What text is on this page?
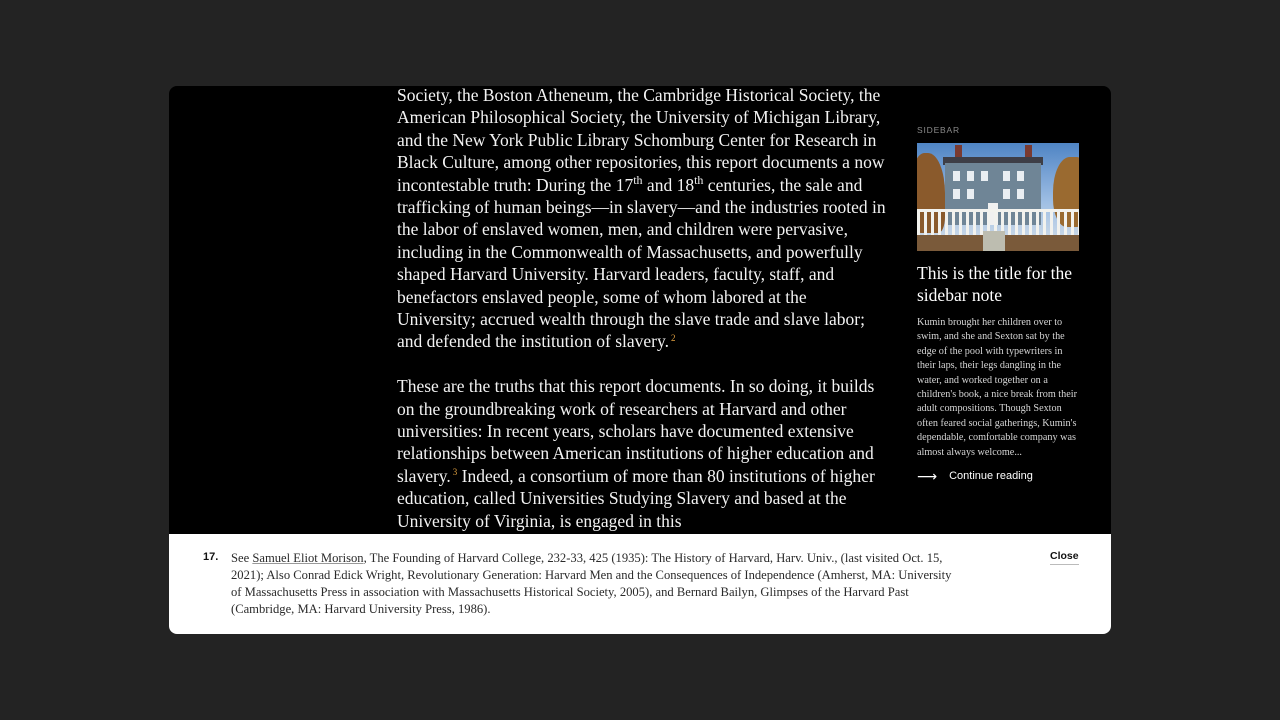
Society, the Boston Atheneum, the Cambridge Historical Society, the American Philosophical Society, the University of Michigan Library, and the New York Public Library Schomburg Center for Research in Black Culture, among other repositories, this report documents a now incontestable truth: During the 17th and 18th centuries, the sale and trafficking of human beings—in slavery—and the industries rooted in the labor of enslaved women, men, and children were pervasive, including in the Commonwealth of Massachusetts, and powerfully shaped Harvard University. Harvard leaders, faculty, staff, and benefactors enslaved people, some of whom labored at the University; accrued wealth through the slave trade and slave labor; and defended the institution of slavery. $^2$

These are the truths that this report documents. In so doing, it builds on the groundbreaking work of researchers at Harvard and other universities: In recent years, scholars have documented extensive relationships between American institutions of higher education and slavery. $^3$ Indeed, a consortium of more than 80 institutions of higher education, called Universities Studying Slavery and based at the University of Virginia, is engaged in this

SIDEBAR
This is the title for the sidebar note
Kumin brought her children over to swim, and she and Sexton sat by the edge of the pool with typewriters in their laps, their legs dangling in the water, and worked together on a children's book, a nice break from their adult compositions. Though Sexton often feared social gatherings, Kumin's dependable, comfortable company was almost always welcome...
⟶ Continue reading
17. See Samuel Eliot Morison, The Founding of Harvard College, 232-33, 425 (1935): The History of Harvard, Harv. Univ., (last visited Oct. 15, 2021); Also Conrad Edick Wright, Revolutionary Generation: Harvard Men and the Consequences of Independence (Amherst, MA: University of Massachusetts Press in association with Massachusetts Historical Society, 2005), and Bernard Bailyn, Glimpses of the Harvard Past (Cambridge, MA: Harvard University Press, 1986).
Close
